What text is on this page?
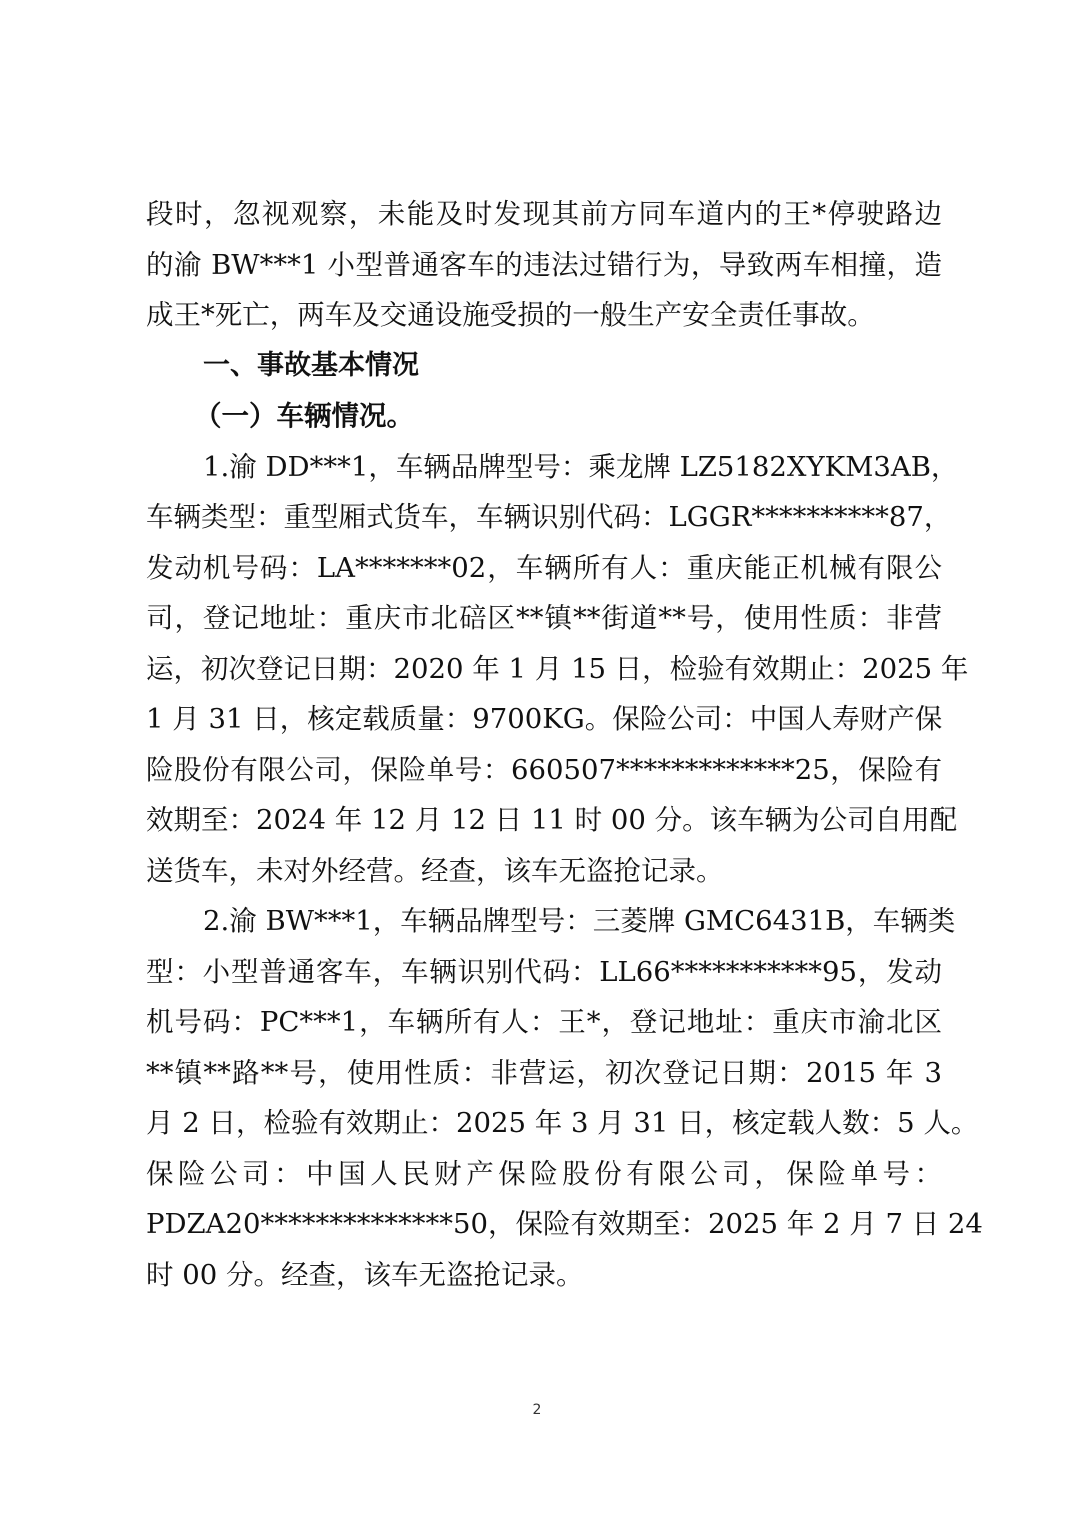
段时，忽视观察，未能及时发现其前方同车道内的王*停驶路边
的渝 BW***1 小型普通客车的违法过错行为，导致两车相撞，造
成王*死亡，两车及交通设施受损的一般生产安全责任事故。
一、事故基本情况
（一）车辆情况。
1.渝 DD***1，车辆品牌型号：乘龙牌 LZ5182XYKM3AB，
车辆类型：重型厢式货车，车辆识别代码：LGGR**********87，
发动机号码：LA*******02，车辆所有人：重庆能正机械有限公
司，登记地址：重庆市北碚区**镇**街道**号，使用性质：非营
运，初次登记日期：2020 年 1 月 15 日，检验有效期止：2025 年
1 月 31 日，核定载质量：9700KG。保险公司：中国人寿财产保
险股份有限公司，保险单号：660507*************25，保险有
效期至：2024 年 12 月 12 日 11 时 00 分。该车辆为公司自用配
送货车，未对外经营。经查，该车无盗抢记录。
2.渝 BW***1，车辆品牌型号：三菱牌 GMC6431B，车辆类
型：小型普通客车，车辆识别代码：LL66***********95，发动
机号码：PC***1，车辆所有人：王*，登记地址：重庆市渝北区
**镇**路**号，使用性质：非营运，初次登记日期：2015 年 3
月 2 日，检验有效期止：2025 年 3 月 31 日，核定载人数：5 人。
保险公司：中国人民财产保险股份有限公司，保险单号：
PDZA20**************50，保险有效期至：2025 年 2 月 7 日 24
时 00 分。经查，该车无盗抢记录。
2
